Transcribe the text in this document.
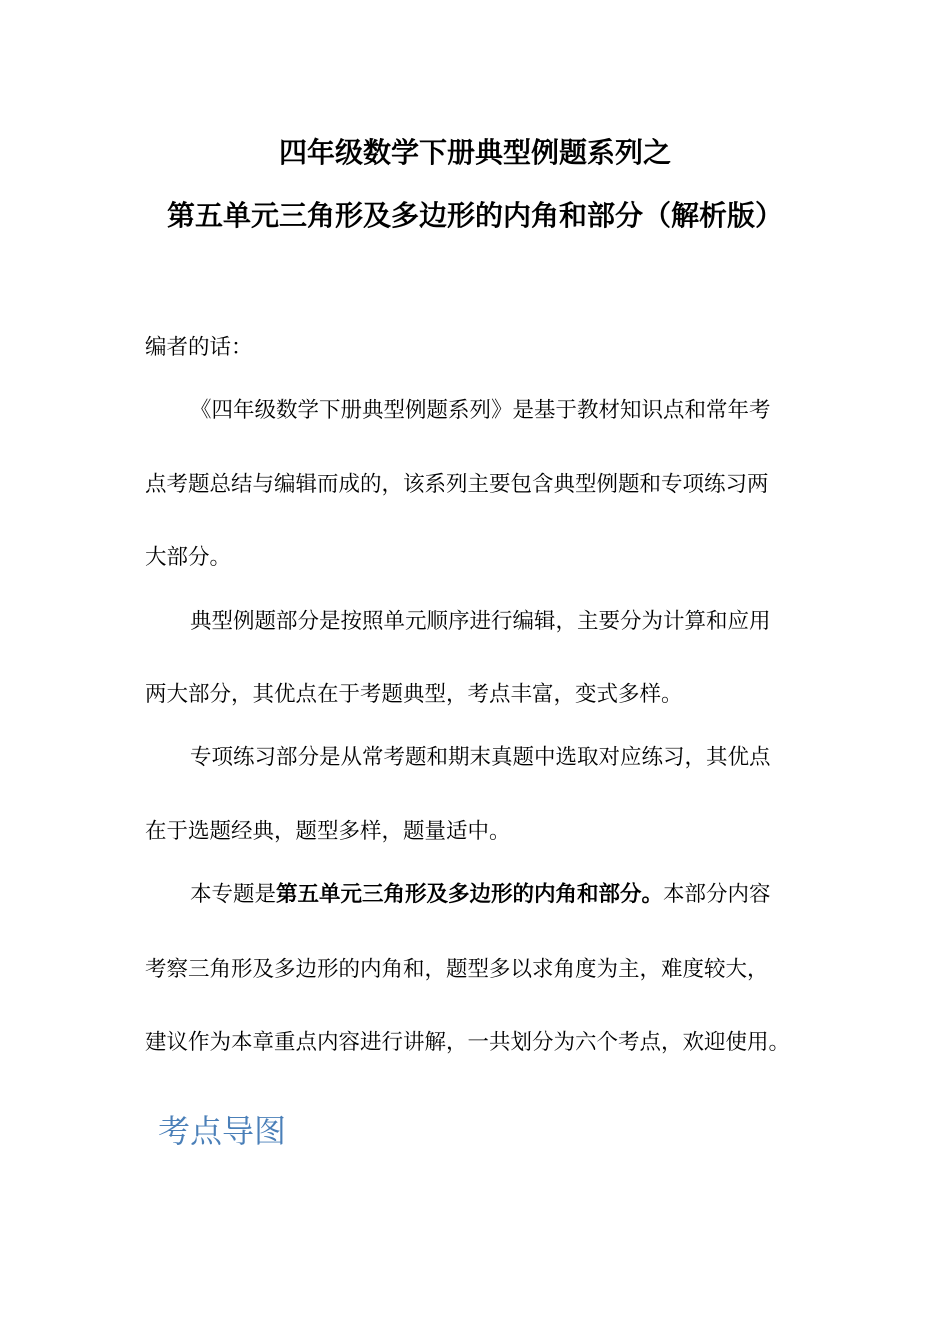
四年级数学下册典型例题系列之
第五单元三角形及多边形的内角和部分（解析版）
编者的话：
《四年级数学下册典型例题系列》是基于教材知识点和常年考
点考题总结与编辑而成的，该系列主要包含典型例题和专项练习两
大部分。
典型例题部分是按照单元顺序进行编辑，主要分为计算和应用
两大部分，其优点在于考题典型，考点丰富，变式多样。
专项练习部分是从常考题和期末真题中选取对应练习，其优点
在于选题经典，题型多样，题量适中。
本专题是第五单元三角形及多边形的内角和部分。本部分内容
考察三角形及多边形的内角和，题型多以求角度为主，难度较大，
建议作为本章重点内容进行讲解，一共划分为六个考点，欢迎使用。
考点导图
